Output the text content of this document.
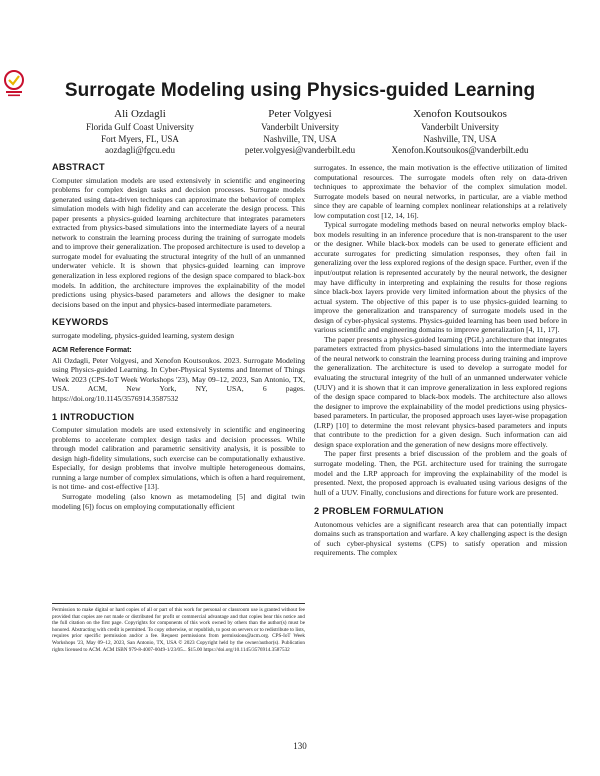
Surrogate Modeling using Physics-guided Learning
Ali Ozdagli
Florida Gulf Coast University
Fort Myers, FL, USA
aozdagli@fgcu.edu
Peter Volgyesi
Vanderbilt University
Nashville, TN, USA
peter.volgyesi@vanderbilt.edu
Xenofon Koutsoukos
Vanderbilt University
Nashville, TN, USA
Xenofon.Koutsoukos@vanderbilt.edu
ABSTRACT

Computer simulation models are used extensively in scientific and engineering problems for complex design tasks and decision processes. Surrogate models generated using data-driven techniques can approximate the behavior of complex simulation models with high fidelity and can accelerate the design process. This paper presents a physics-guided learning architecture that integrates parameters extracted from physics-based simulations into the intermediate layers of a neural network to constrain the learning process during the training of surrogate models and to improve their generalization. The proposed architecture is used to develop a surrogate model for evaluating the structural integrity of the hull of an unmanned underwater vehicle. It is shown that physics-guided learning can improve generalization in less explored regions of the design space compared to black-box models. In addition, the architecture improves the explainability of the model predictions using physics-based parameters and allows the designer to make decisions based on the input and physics-based intermediate parameters.

KEYWORDS

surrogate modeling, physics-guided learning, system design

ACM Reference Format:

Ali Ozdagli, Peter Volgyesi, and Xenofon Koutsoukos. 2023. Surrogate Modeling using Physics-guided Learning. In Cyber-Physical Systems and Internet of Things Week 2023 (CPS-IoT Week Workshops '23), May 09–12, 2023, San Antonio, TX, USA. ACM, New York, NY, USA, 6 pages. https://doi.org/10.1145/3576914.3587532

1 INTRODUCTION

Computer simulation models are used extensively in scientific and engineering problems to accelerate complex design tasks and decision processes. While through model calibration and parametric sensitivity analysis, it is possible to design high-fidelity simulations, such exercise can be computationally exhaustive. Especially, for design problems that involve multiple heterogeneous domains, running a large number of complex simulations, which is often a hard requirement, is not time- and cost-effective [13].

Surrogate modeling (also known as metamodeling [5] and digital twin modeling [6]) focus on employing computationally efficient

Permission to make digital or hard copies of all or part of this work for personal or classroom use is granted without fee provided that copies are not made or distributed for profit or commercial advantage and that copies bear this notice and the full citation on the first page. Copyrights for components of this work owned by others than the author(s) must be honored. Abstracting with credit is permitted. To copy otherwise, or republish, to post on servers or to redistribute to lists, requires prior specific permission and/or a fee. Request permissions from permissions@acm.org. CPS-IoT Week Workshops '23, May 09–12, 2023, San Antonio, TX, USA © 2023 Copyright held by the owner/author(s). Publication rights licensed to ACM. ACM ISBN 979-8-4007-0049-1/23/05... $15.00 https://doi.org/10.1145/3576914.3587532

surrogates. In essence, the main motivation is the effective utilization of limited computational resources. The surrogate models often rely on data-driven techniques to approximate the behavior of the complex simulation model. Surrogate models based on neural networks, in particular, are a viable method since they are capable of learning complex nonlinear relationships at a relatively low computation cost [12, 14, 16].

Typical surrogate modeling methods based on neural networks employ black-box models resulting in an inference procedure that is non-transparent to the user or the designer. While black-box models can be used to generate efficient and accurate surrogates for predicting simulation responses, they often fail in generalizing over the less explored regions of the design space. Further, even if the input/output relation is represented accurately by the neural network, the designer may have difficulty in interpreting and explaining the results for those regions since black-box layers provide very limited information about the physics of the actual system. The objective of this paper is to use physics-guided learning to improve the generalization and transparency of surrogate models used in the design of cyber-physical systems. Physics-guided learning has been used before in various scientific and engineering domains to improve generalization [4, 11, 17].

The paper presents a physics-guided learning (PGL) architecture that integrates parameters extracted from physics-based simulations into the intermediate layers of the neural network to constrain the learning process during training and improve the generalization. The architecture is used to develop a surrogate model for evaluating the structural integrity of the hull of an unmanned underwater vehicle (UUV) and it is shown that it can improve generalization in less explored regions of the design space compared to black-box models. The architecture also allows the designer to improve the explainability of the model predictions using physics-based parameters. In particular, the proposed approach uses layer-wise propagation (LRP) [10] to determine the most relevant physics-based parameters and inputs that contribute to the prediction for a given design. Such information can aid design space exploration and the generation of new designs more effectively.

The paper first presents a brief discussion of the problem and the goals of surrogate modeling. Then, the PGL architecture used for training the surrogate model and the LRP approach for improving the explainability of the model is presented. Next, the proposed approach is evaluated using various designs of the hull of a UUV. Finally, conclusions and directions for future work are presented.

2 PROBLEM FORMULATION

Autonomous vehicles are a significant research area that can potentially impact domains such as transportation and warfare. A key challenging aspect is the design of such cyber-physical systems (CPS) to satisfy operation and mission requirements. The complex

130
